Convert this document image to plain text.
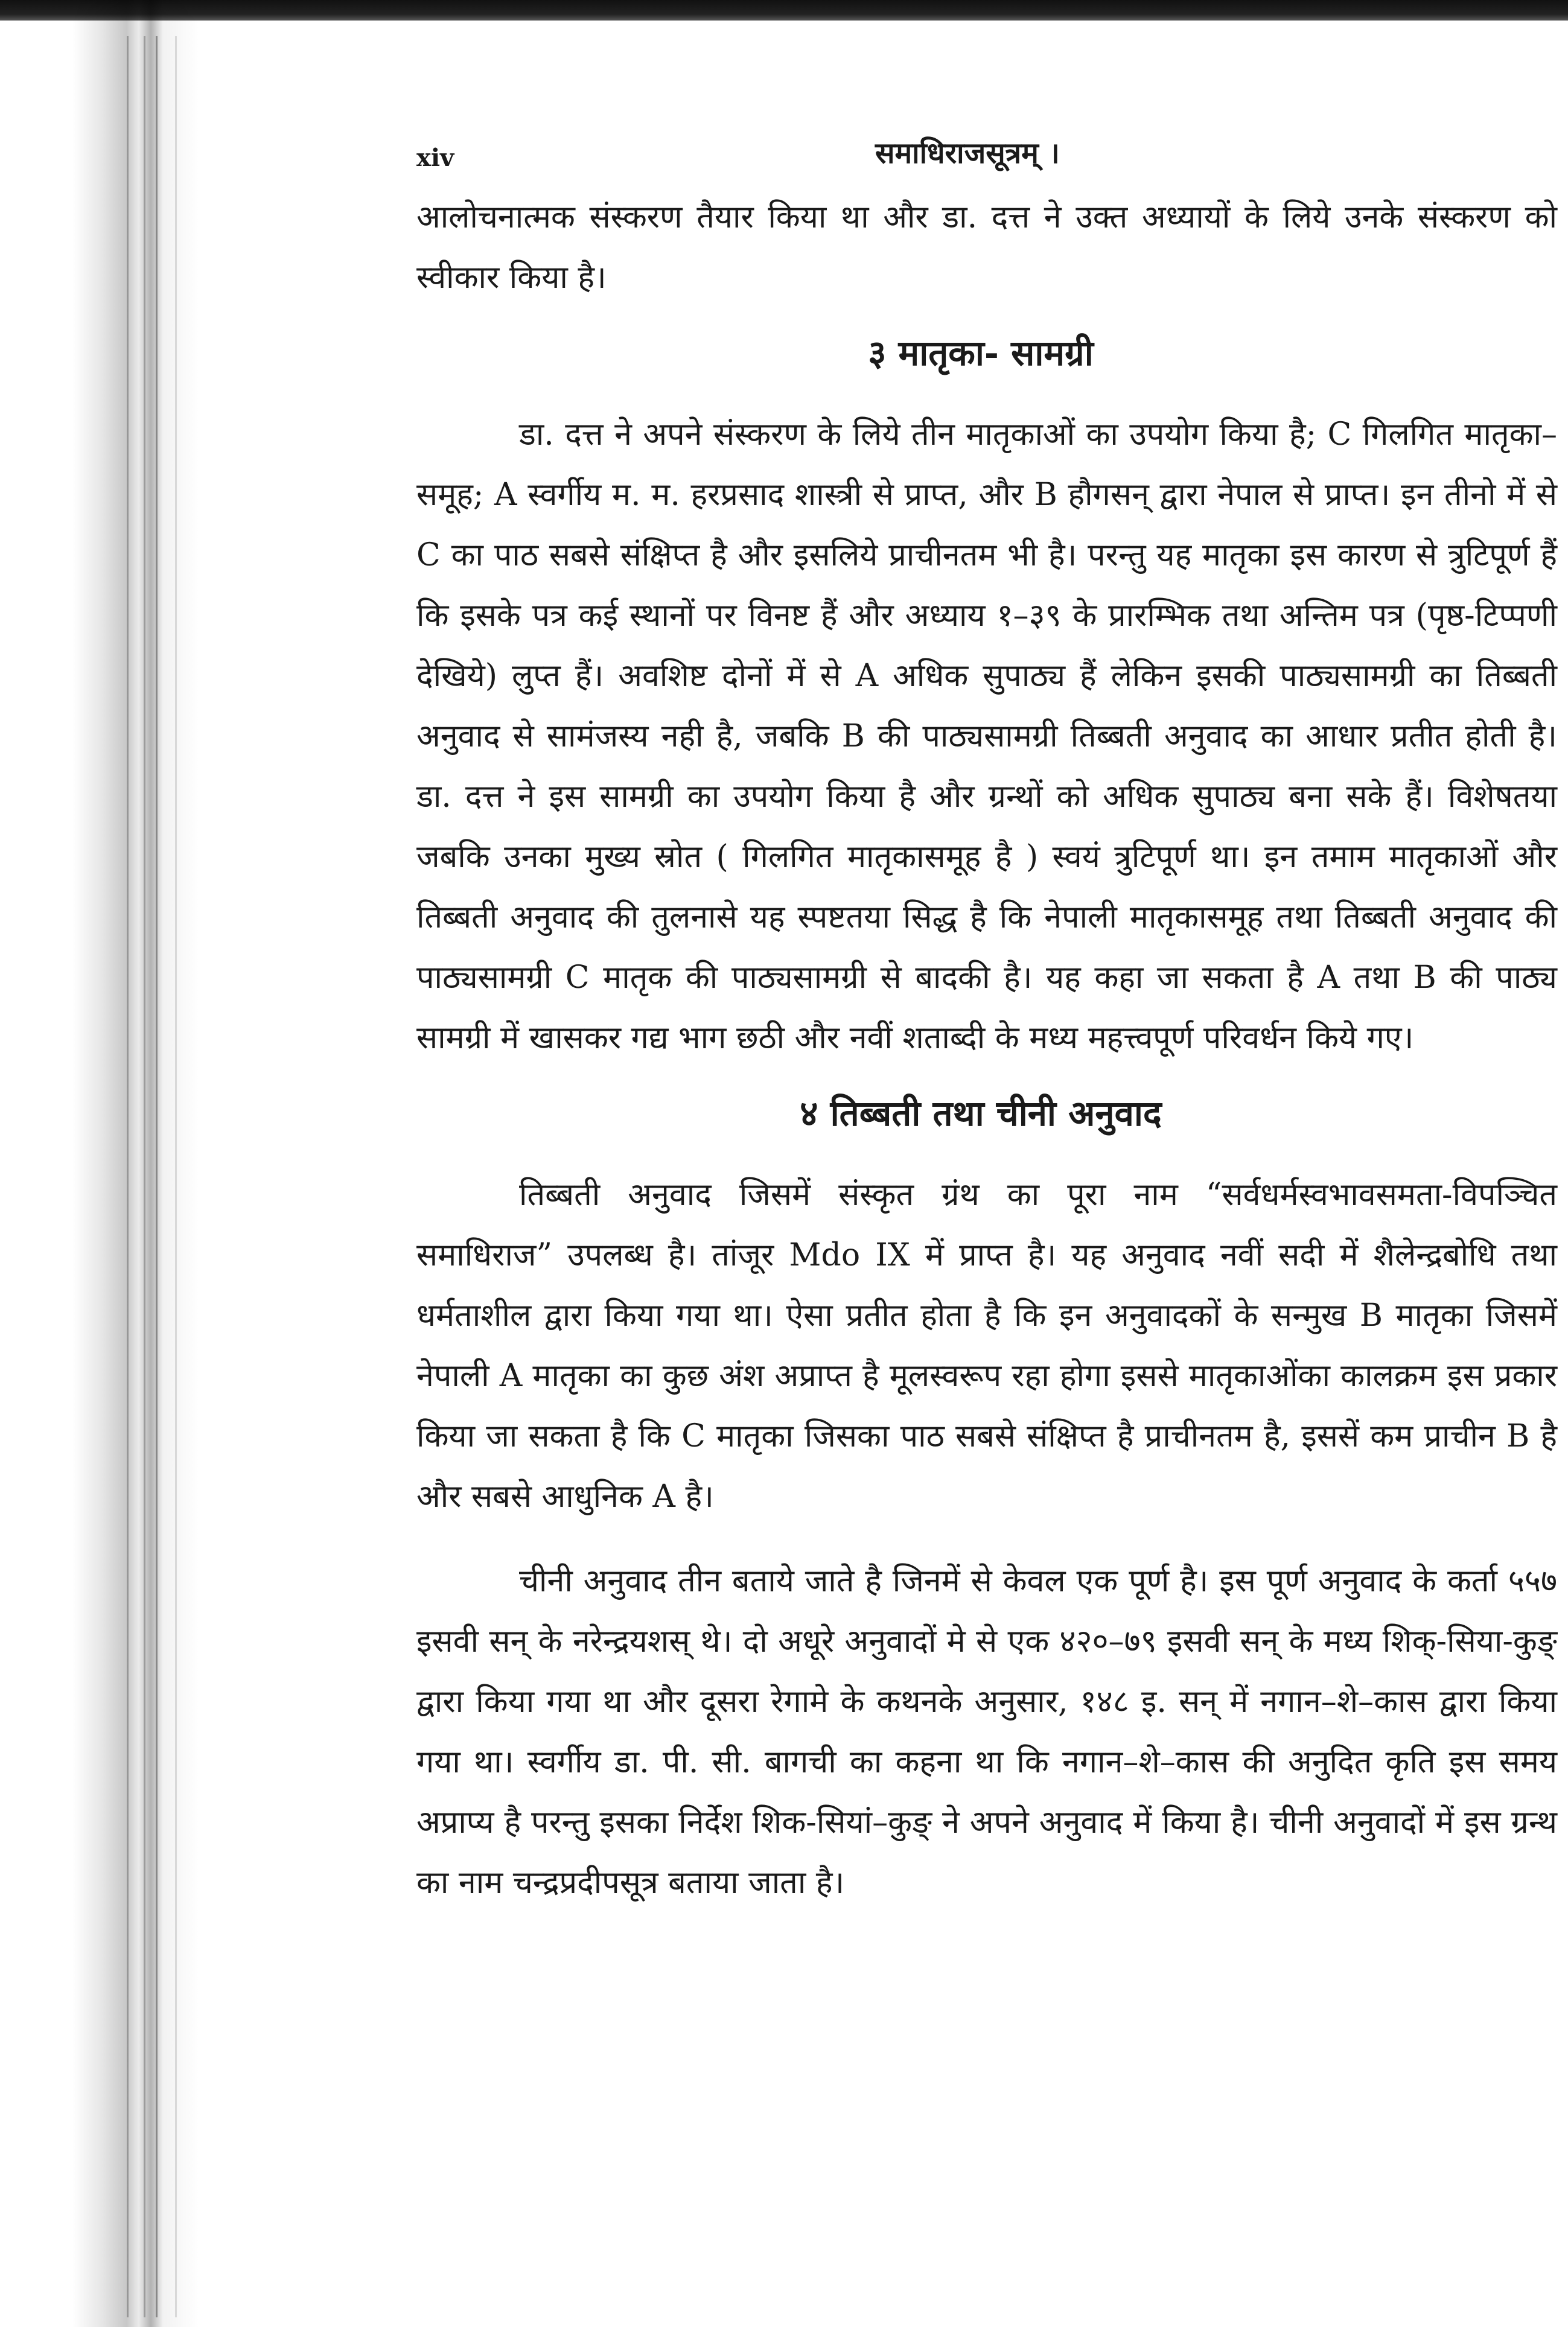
xiv	समाधिराजसूत्रम् ।

आलोचनात्मक संस्करण तैयार किया था और डा. दत्त ने उक्त अध्यायों के लिये उनके संस्करण को स्वीकार किया है।

३ मातृका- सामग्री

डा. दत्त ने अपने संस्करण के लिये तीन मातृकाओं का उपयोग किया है; C गिलगित मातृका–समूह; A स्वर्गीय म. म. हरप्रसाद शास्त्री से प्राप्त, और B हौगसन् द्वारा नेपाल से प्राप्त। इन तीनो में से C का पाठ सबसे संक्षिप्त है और इसलिये प्राचीनतम भी है। परन्तु यह मातृका इस कारण से त्रुटिपूर्ण हैं कि इसके पत्र कई स्थानों पर विनष्ट हैं और अध्याय १–३९ के प्रारम्भिक तथा अन्तिम पत्र (पृष्ठ-टिप्पणी देखिये) लुप्त हैं। अवशिष्ट दोनों में से A अधिक सुपाठ्य हैं लेकिन इसकी पाठ्यसामग्री का तिब्बती अनुवाद से सामंजस्य नही है, जबकि B की पाठ्यसामग्री तिब्बती अनुवाद का आधार प्रतीत होती है। डा. दत्त ने इस सामग्री का उपयोग किया है और ग्रन्थों को अधिक सुपाठ्य बना सके हैं। विशेषतया जबकि उनका मुख्य स्रोत ( गिलगित मातृकासमूह है ) स्वयं त्रुटिपूर्ण था। इन तमाम मातृकाओं और तिब्बती अनुवाद की तुलनासे यह स्पष्टतया सिद्ध है कि नेपाली मातृकासमूह तथा तिब्बती अनुवाद की पाठ्यसामग्री C मातृक की पाठ्यसामग्री से बादकी है। यह कहा जा सकता है A तथा B की पाठ्य सामग्री में खासकर गद्य भाग छठी और नवीं शताब्दी के मध्य महत्त्वपूर्ण परिवर्धन किये गए।

४ तिब्बती तथा चीनी अनुवाद

तिब्बती अनुवाद जिसमें संस्कृत ग्रंथ का पूरा नाम “सर्वधर्मस्वभावसमता-विपञ्चित समाधिराज” उपलब्ध है। तांजूर Mdo IX में प्राप्त है। यह अनुवाद नवीं सदी में शैलेन्द्रबोधि तथा धर्मताशील द्वारा किया गया था। ऐसा प्रतीत होता है कि इन अनुवादकों के सन्मुख B मातृका जिसमें नेपाली A मातृका का कुछ अंश अप्राप्त है मूलस्वरूप रहा होगा इससे मातृकाओंका कालक्रम इस प्रकार किया जा सकता है कि C मातृका जिसका पाठ सबसे संक्षिप्त है प्राचीनतम है, इससें कम प्राचीन B है और सबसे आधुनिक A है।

चीनी अनुवाद तीन बताये जाते है जिनमें से केवल एक पूर्ण है। इस पूर्ण अनुवाद के कर्ता ५५७ इसवी सन् के नरेन्द्रयशस् थे। दो अधूरे अनुवादों मे से एक ४२०–७९ इसवी सन् के मध्य शिक्-सिया-कुङ् द्वारा किया गया था और दूसरा रेगामे के कथनके अनुसार, १४८ इ. सन् में नगान–शे–कास द्वारा किया गया था। स्वर्गीय डा. पी. सी. बागची का कहना था कि नगान–शे–कास की अनुदित कृति इस समय अप्राप्य है परन्तु इसका निर्देश शिक-सियां–कुङ् ने अपने अनुवाद में किया है। चीनी अनुवादों में इस ग्रन्थ का नाम चन्द्रप्रदीपसूत्र बताया जाता है।
